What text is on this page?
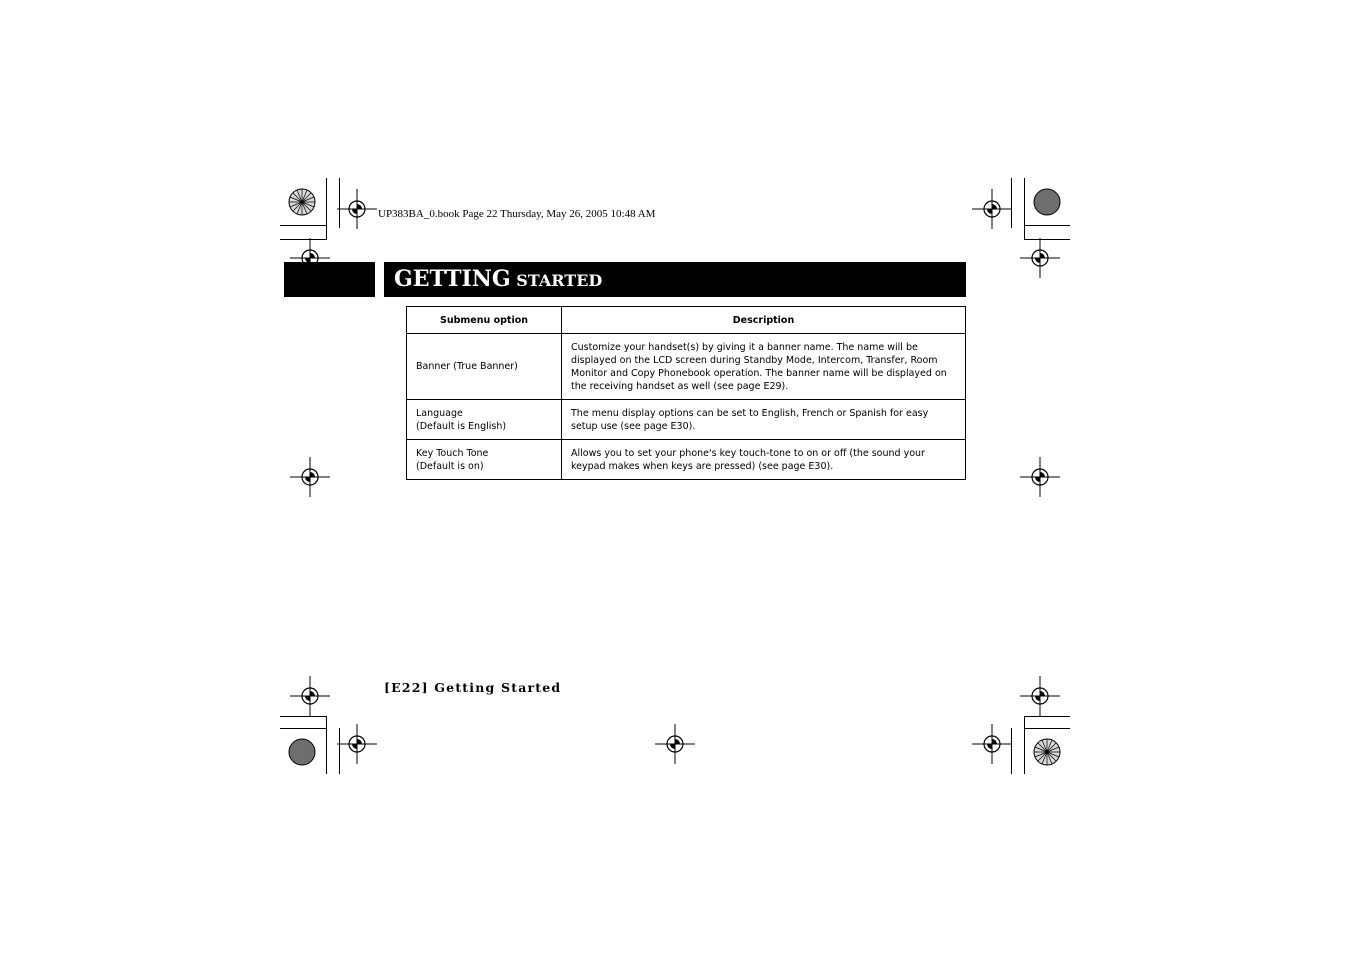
UP383BA_0.book Page 22 Thursday, May 26, 2005 10:48 AM
GETTING STARTED
Submenu option	Description

Banner (True Banner)	Customize your handset(s) by giving it a banner name. The name will be displayed on the LCD screen during Standby Mode, Intercom, Transfer, Room Monitor and Copy Phonebook operation. The banner name will be displayed on the receiving handset as well (see page E29).

Language
(Default is English)	The menu display options can be set to English, French or Spanish for easy setup use (see page E30).

Key Touch Tone
(Default is on)	Allows you to set your phone's key touch-tone to on or off (the sound your keypad makes when keys are pressed) (see page E30).
[E22] Getting Started
